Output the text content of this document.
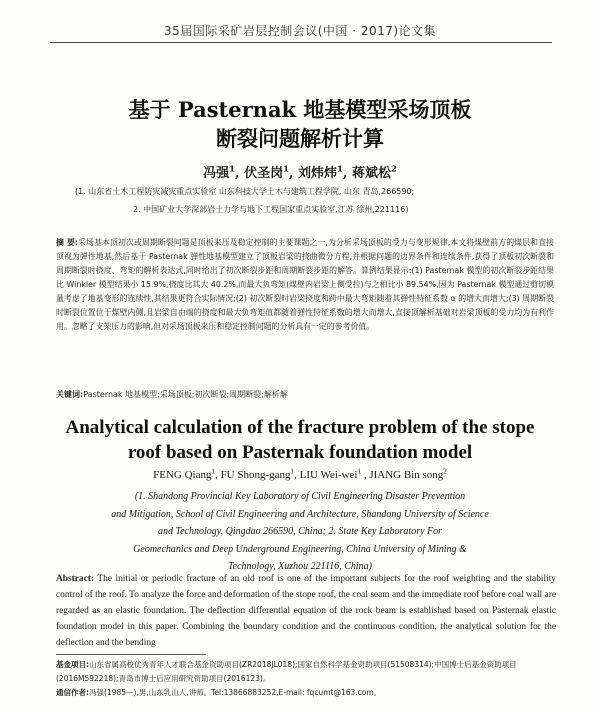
35届国际采矿岩层控制会议(中国 · 2017)论文集
基于 Pasternak 地基模型采场顶板
断裂问题解析计算
冯强$^1$, 伏圣岗$^1$, 刘炜炜$^1$, 蒋斌松$^2$
(1. 山东省土木工程防灾减灾重点实验室 山东科技大学土木与建筑工程学院, 山东 青岛,266590;
2. 中国矿业大学深部岩土力学与地下工程国家重点实验室,江苏 徐州,221116)
摘 要:采场基本顶初次或周期断裂问题是顶板来压及稳定控制的主要课题之一,为分析采场顶板的受力与变形规律,本文将煤壁前方的煤层和直接顶视为弹性地基,然后基于 Pasternak 弹性地基模型建立了顶板岩梁的挠曲微分方程,并根据问题的边界条件和连续条件,获得了顶板初次断裂和周期断裂时挠度、弯矩的解析表达式,同时给出了初次断裂步距和周期断裂步距的解答。算例结果显示:(1) Pasternak 模型的初次断裂步距结果比 Winkler 模型结果小 15.9%,挠度比其大 40.2%,而最大负弯矩(煤壁内岩梁上侧受拉)与之相比小 89.54%,因为 Pasternak 模型通过剪切模量考虑了地基变形的连续性,其结果更符合实际情况;(2) 初次断裂时岩梁挠度和跨中最大弯矩随着其弹性特征系数 α 的增大而增大;(3) 周期断裂时断裂位置位于煤壁内侧,且岩梁自由端的挠度和最大负弯矩值都随着弹性特征系数的增大而增大,直接顶解析基础对岩梁顶板的受力均为有利作用。忽略了支架压力的影响,但对采场顶板来压和稳定控制问题的分析具有一定的参考价值。
关键词:Pasternak 地基模型;采场顶板;初次断裂;周期断裂;解析解
Analytical calculation of the fracture problem of the stope
roof based on Pasternak foundation model
FENG Qiang$^1$, FU Shong-gang$^1$, LIU Wei-wei$^1$ , JIANG Bin song$^2$
(1. Shandong Provincial Key Laboratory of Civil Engineering Disaster Prevention
and Mitigation, School of Civil Engineering and Architecture, Shandong University of Science
and Technology, Qingdao 266590, China; 2. State Key Laboratory For
Geomechanics and Deep Underground Engineering, China University of Mining &
Technology, Xuzhou 221116, China)
Abstract: The initial or periodic fracture of an old roof is one of the important subjects for the roof weighting and the stability control of the roof. To analyze the force and deformation of the stope roof, the coal seam and the immediate roof before coal wall are regarded as an elastic foundation. The deflection differential equation of the rock beam is established based on Pasternak elastic foundation model in this paper. Combining the boundary condition and the continuous condition, the analytical solution for the deflection and the bending
基金项目:山东省属高校优秀青年人才联合基金资助项目(ZR2018JL018);国家自然科学基金资助项目(51508314);中国博士后基金资助项目(2016M592218);青岛市博士后应用研究资助项目(2016123)。
通信作者:冯强(1985—),男,山东乳山人,讲师。Tel:13866883252,E-mail: fqcumt@163.com。
